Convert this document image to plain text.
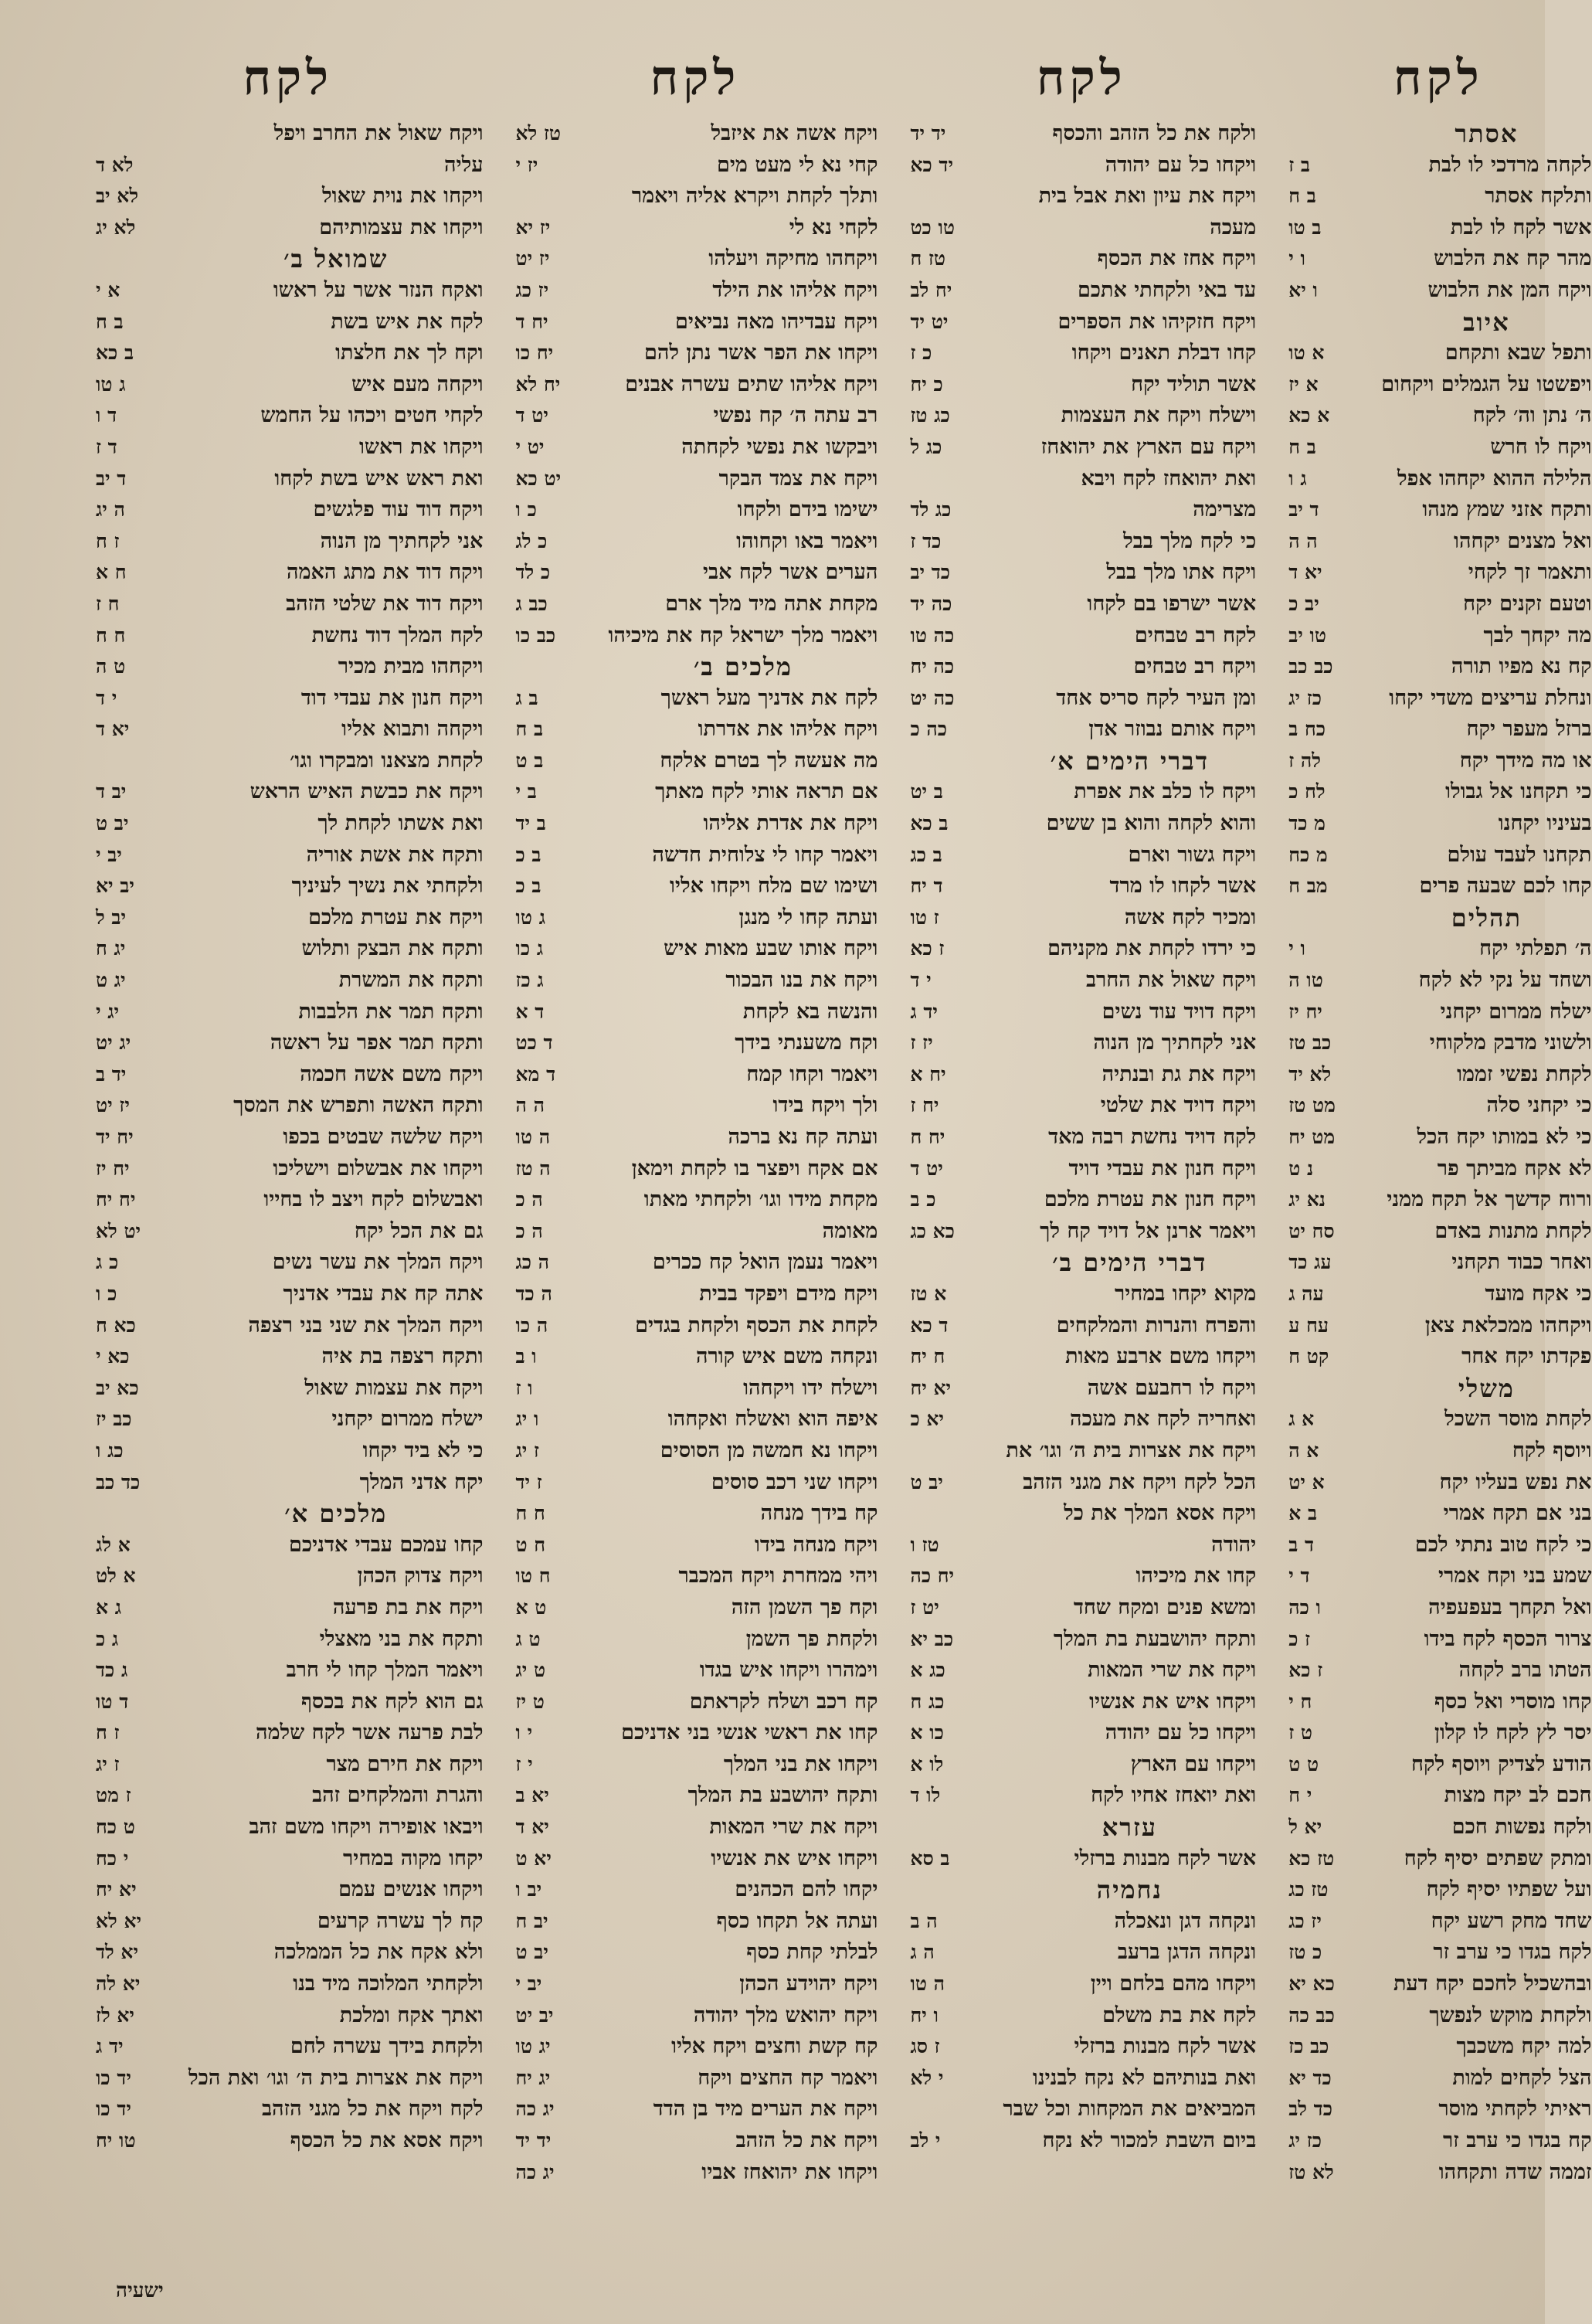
לקח
ויקח שאול את החרב ויפל
עליה
לא ד
ויקחו את נוית שאול
לא יב
ויקחו את עצמותיהם
לא יג
שמואל ב׳
ואקח הנזר אשר על ראשו
א י
לקח את איש בשת
ב ח
וקח לך את חלצתו
ב כא
ויקחה מעם איש
ג טו
לקחי חטים ויכהו על החמש
ד ו
ויקחו את ראשו
ד ז
ואת ראש איש בשת לקחו
ד יב
ויקח דוד עוד פלגשים
ה יג
אני לקחתיך מן הנוה
ז ח
ויקח דוד את מתג האמה
ח א
ויקח דוד את שלטי הזהב
ח ז
לקח המלך דוד נחשת
ח ח
ויקחהו מבית מכיר
ט ה
ויקח חנון את עבדי דוד
י ד
ויקחה ותבוא אליו
יא ד
לקחת מצאנו ומבקרו וגו׳
ויקח את כבשת האיש הראש
יב ד
ואת אשתו לקחת לך
יב ט
ותקח את אשת אוריה
יב י
ולקחתי את נשיך לעיניך
יב יא
ויקח את עטרת מלכם
יב ל
ותקח את הבצק ותלוש
יג ח
ותקח את המשרת
יג ט
ותקח תמר את הלבבות
יג י
ותקח תמר אפר על ראשה
יג יט
ויקח משם אשה חכמה
יד ב
ותקח האשה ותפרש את המסך
יז יט
ויקח שלשה שבטים בכפו
יח יד
ויקחו את אבשלום וישליכו
יח יז
ואבשלום לקח ויצב לו בחייו
יח יח
גם את הכל יקח
יט לא
ויקח המלך את עשר נשים
כ ג
אתה קח את עבדי אדניך
כ ו
ויקח המלך את שני בני רצפה
כא ח
ותקח רצפה בת איה
כא י
ויקח את עצמות שאול
כא יב
ישלח ממרום יקחני
כב יז
כי לא ביד יקחו
כג ו
יקח אדני המלך
כד כב
מלכים א׳
קחו עמכם עבדי אדניכם
א לג
ויקח צדוק הכהן
א לט
ויקח את בת פרעה
ג א
ותקח את בני מאצלי
ג כ
ויאמר המלך קחו לי חרב
ג כד
גם הוא לקח את בכסף
ד טו
לבת פרעה אשר לקח שלמה
ז ח
ויקח את חירם מצר
ז יג
והגרת והמלקחים זהב
ז מט
ויבאו אופירה ויקחו משם זהב
ט כח
יקחו מקוה במחיר
י כח
ויקחו אנשים עמם
יא יח
קח לך עשרה קרעים
יא לא
ולא אקח את כל הממלכה
יא לד
ולקחתי המלוכה מיד בנו
יא לה
ואתך אקח ומלכת
יא לז
ולקחת בידך עשרה לחם
יד ג
ויקח את אצרות בית ה׳ וגו׳ ואת הכל
יד כו
לקח ויקח את כל מגני הזהב
יד כו
ויקח אסא את כל הכסף
טו יח
לקח
ויקח אשה את איזבל
טז לא
קחי נא לי מעט מים
יז י
ותלך לקחת ויקרא אליה ויאמר
לקחי נא לי
יז יא
ויקחהו מחיקה ויעלהו
יז יט
ויקח אליהו את הילד
יז כג
ויקח עבדיהו מאה נביאים
יח ד
ויקחו את הפר אשר נתן להם
יח כו
ויקח אליהו שתים עשרה אבנים
יח לא
רב עתה ה׳ קח נפשי
יט ד
ויבקשו את נפשי לקחתה
יט י
ויקח את צמד הבקר
יט כא
ישימו בידם ולקחו
כ ו
ויאמר באו וקחוהו
כ לג
הערים אשר לקח אבי
כ לד
מקחת אתה מיד מלך ארם
כב ג
ויאמר מלך ישראל קח את מיכיהו
כב כו
מלכים ב׳
לקח את אדניך מעל ראשך
ב ג
ויקח אליהו את אדרתו
ב ח
מה אעשה לך בטרם אלקח
ב ט
אם תראה אותי לקח מאתך
ב י
ויקח את אדרת אליהו
ב יד
ויאמר קחו לי צלוחית חדשה
ב כ
ושימו שם מלח ויקחו אליו
ב כ
ועתה קחו לי מנגן
ג טו
ויקח אותו שבע מאות איש
ג כו
ויקח את בנו הבכור
ג כז
והנשה בא לקחת
ד א
וקח משענתי בידך
ד כט
ויאמר וקחו קמח
ד מא
ולך ויקח בידו
ה ה
ועתה קח נא ברכה
ה טו
אם אקח ויפצר בו לקחת וימאן
ה טז
מקחת מידו וגו׳ ולקחתי מאתו
ה כ
מאומה
ה כ
ויאמר נעמן הואל קח ככרים
ה כג
ויקח מידם ויפקד בבית
ה כד
לקחת את הכסף ולקחת בגדים
ה כו
ונקחה משם איש קורה
ו ב
וישלח ידו ויקחהו
ו ז
איפה הוא ואשלח ואקחהו
ו יג
ויקחו נא חמשה מן הסוסים
ז יג
ויקחו שני רכב סוסים
ז יד
קח בידך מנחה
ח ח
ויקח מנחה בידו
ח ט
ויהי ממחרת ויקח המכבר
ח טו
וקח פך השמן הזה
ט א
ולקחת פך השמן
ט ג
וימהרו ויקחו איש בגדו
ט יג
קח רכב ושלח לקראתם
ט יז
קחו את ראשי אנשי בני אדניכם
י ו
ויקחו את בני המלך
י ז
ותקח יהושבע בת המלך
יא ב
ויקח את שרי המאות
יא ד
ויקחו איש את אנשיו
יא ט
יקחו להם הכהנים
יב ו
ועתה אל תקחו כסף
יב ח
לבלתי קחת כסף
יב ט
ויקח יהוידע הכהן
יב י
ויקח יהואש מלך יהודה
יב יט
קח קשת וחצים ויקח אליו
יג טו
ויאמר קח החצים ויקח
יג יח
ויקח את הערים מיד בן הדד
יג כה
ויקח את כל הזהב
יד יד
ויקחו את יהואחז אביו
יג כה
לקח
ולקח את כל הזהב והכסף
יד יד
ויקחו כל עם יהודה
יד כא
ויקח את עיון ואת אבל בית
מעכה
טו כט
ויקח אחז את הכסף
טז ח
עד באי ולקחתי אתכם
יח לב
ויקח חזקיהו את הספרים
יט יד
קחו דבלת תאנים ויקחו
כ ז
אשר תוליד יקח
כ יח
וישלח ויקח את העצמות
כג טז
ויקח עם הארץ את יהואחז
כג ל
ואת יהואחז לקח ויבא
מצרימה
כג לד
כי לקח מלך בבל
כד ז
ויקח אתו מלך בבל
כד יב
אשר ישרפו בם לקחו
כה יד
לקח רב טבחים
כה טו
ויקח רב טבחים
כה יח
ומן העיר לקח סריס אחד
כה יט
ויקח אותם נבוזר אדן
כה כ
דברי הימים א׳
ויקח לו כלב את אפרת
ב יט
והוא לקחה והוא בן ששים
ב כא
ויקח גשור וארם
ב כג
אשר לקחו לו מרד
ד יח
ומכיר לקח אשה
ז טו
כי ירדו לקחת את מקניהם
ז כא
ויקח שאול את החרב
י ד
ויקח דויד עוד נשים
יד ג
אני לקחתיך מן הנוה
יז ז
ויקח את גת ובנתיה
יח א
ויקח דויד את שלטי
יח ז
לקח דויד נחשת רבה מאד
יח ח
ויקח חנון את עבדי דויד
יט ד
ויקח חנון את עטרת מלכם
כ ב
ויאמר ארנן אל דויד קח לך
כא כג
דברי הימים ב׳
מקוא יקחו במחיר
א טז
והפרח והנרות והמלקחים
ד כא
ויקחו משם ארבע מאות
ח יח
ויקח לו רחבעם אשה
יא יח
ואחריה לקח את מעכה
יא כ
ויקח את אצרות בית ה׳ וגו׳ את
הכל לקח ויקח את מגני הזהב
יב ט
ויקח אסא המלך את כל
יהודה
טז ו
קחו את מיכיהו
יח כה
ומשא פנים ומקח שחד
יט ז
ותקח יהושבעת בת המלך
כב יא
ויקח את שרי המאות
כג א
ויקחו איש את אנשיו
כג ח
ויקחו כל עם יהודה
כו א
ויקחו עם הארץ
לו א
ואת יואחז אחיו לקח
לו ד
עזרא
אשר לקח מבנות ברזלי
ב סא
נחמיה
ונקחה דגן ונאכלה
ה ב
ונקחה הדגן ברעב
ה ג
ויקחו מהם בלחם ויין
ה טו
לקח את בת משלם
ו יח
אשר לקח מבנות ברזלי
ז סג
ואת בנותיהם לא נקח לבנינו
י לא
המביאים את המקחות וכל שבר
ביום השבת למכור לא נקח
י לב
לקח
אסתר
לקחה מרדכי לו לבת
ב ז
ותלקח אסתר
ב ח
אשר לקח לו לבת
ב טו
מהר קח את הלבוש
ו י
ויקח המן את הלבוש
ו יא
איוב
ותפל שבא ותקחם
א טו
ויפשטו על הגמלים ויקחום
א יז
ה׳ נתן וה׳ לקח
א כא
ויקח לו חרש
ב ח
הלילה ההוא יקחהו אפל
ג ו
ותקח אזני שמץ מנהו
ד יב
ואל מצנים יקחהו
ה ה
ותאמר זך לקחי
יא ד
וטעם זקנים יקח
יב כ
מה יקחך לבך
טו יב
קח נא מפיו תורה
כב כב
ונחלת עריצים משדי יקחו
כז יג
ברזל מעפר יקח
כח ב
או מה מידך יקח
לה ז
כי תקחנו אל גבולו
לח כ
בעיניו יקחנו
מ כד
תקחנו לעבד עולם
מ כח
קחו לכם שבעה פרים
מב ח
תהלים
ה׳ תפלתי יקח
ו י
ושחד על נקי לא לקח
טו ה
ישלח ממרום יקחני
יח יז
ולשוני מדבק מלקוחי
כב טז
לקחת נפשי זממו
לא יד
כי יקחני סלה
מט טז
כי לא במותו יקח הכל
מט יח
לא אקח מביתך פר
נ ט
ורוח קדשך אל תקח ממני
נא יג
לקחת מתנות באדם
סח יט
ואחר כבוד תקחני
עג כד
כי אקח מועד
עה ג
ויקחהו ממכלאת צאן
עח ע
פקדתו יקח אחר
קט ח
משלי
לקחת מוסר השכל
א ג
ויוסף לקח
א ה
את נפש בעליו יקח
א יט
בני אם תקח אמרי
ב א
כי לקח טוב נתתי לכם
ד ב
שמע בני וקח אמרי
ד י
ואל תקחך בעפעפיה
ו כה
צרור הכסף לקח בידו
ז כ
הטתו ברב לקחה
ז כא
קחו מוסרי ואל כסף
ח י
יסר לץ לקח לו קלון
ט ז
הודע לצדיק ויוסף לקח
ט ט
חכם לב יקח מצות
י ח
ולקח נפשות חכם
יא ל
ומתק שפתים יסיף לקח
טז כא
ועל שפתיו יסיף לקח
טז כג
שחד מחק רשע יקח
יז כג
לקח בגדו כי ערב זר
כ טז
ובהשכיל לחכם יקח דעת
כא יא
ולקחת מוקש לנפשך
כב כה
למה יקח משכבך
כב כז
הצל לקחים למות
כד יא
ראיתי לקחתי מוסר
כד לב
קח בגדו כי ערב זר
כז יג
זממה שדה ותקחהו
לא טז
ישעיה
